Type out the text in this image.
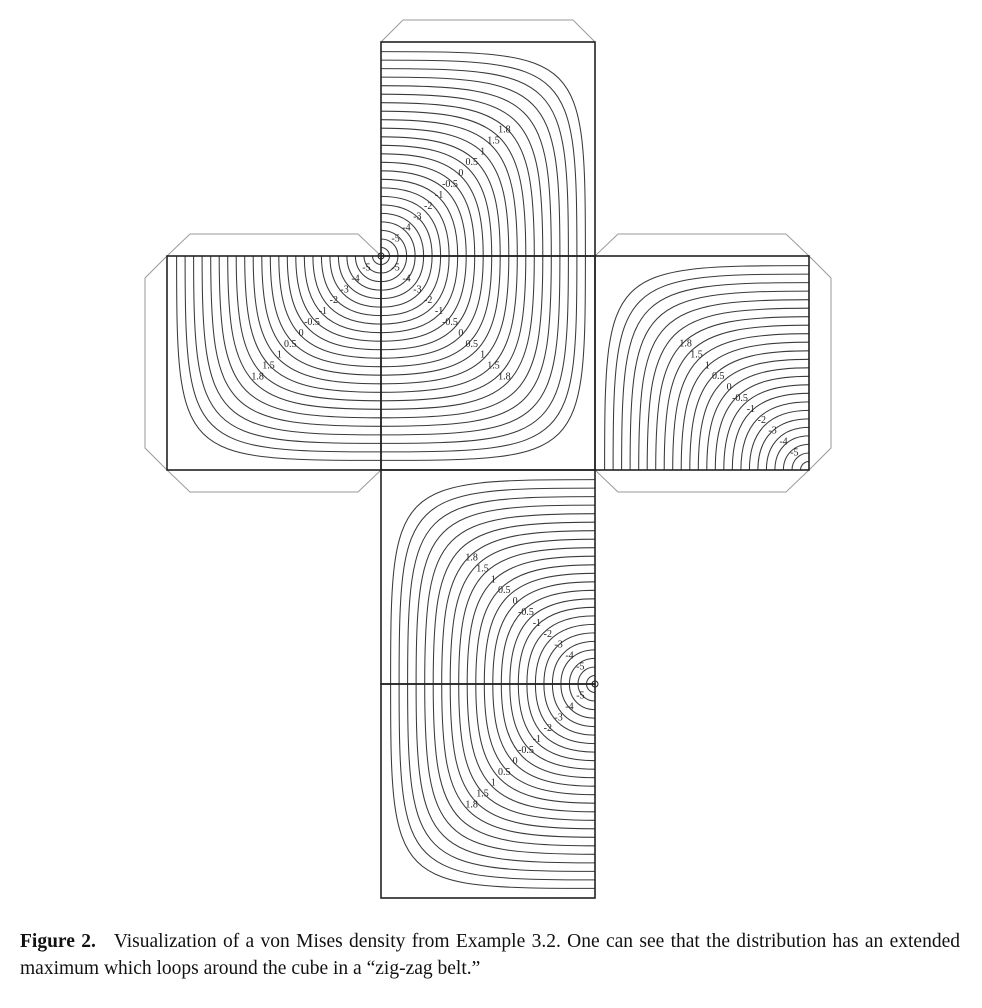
1.8
1.5
1
0.5
0
-0.5
-1
-2
-3
-4
-5
1.8
1.5
1
0.5
0
-0.5
-1
-2
-3
-4
-5
1.8
1.5
1
0.5
0
-0.5
-1
-2
-3
-4
-5
1.8
1.5
1
0.5
0
-0.5
-1
-2
-3
-4
-5
1.8
1.5
1
0.5
0
-0.5
-1
-2
-3
-4
-5
1.8
1.5
1
0.5
0
-0.5
-1
-2
-3
-4
-5

Figure 2. Visualization of a von Mises density from Example 3.2. One can see that the distribution has an extended maximum which loops around the cube in a “zig-zag belt.”
